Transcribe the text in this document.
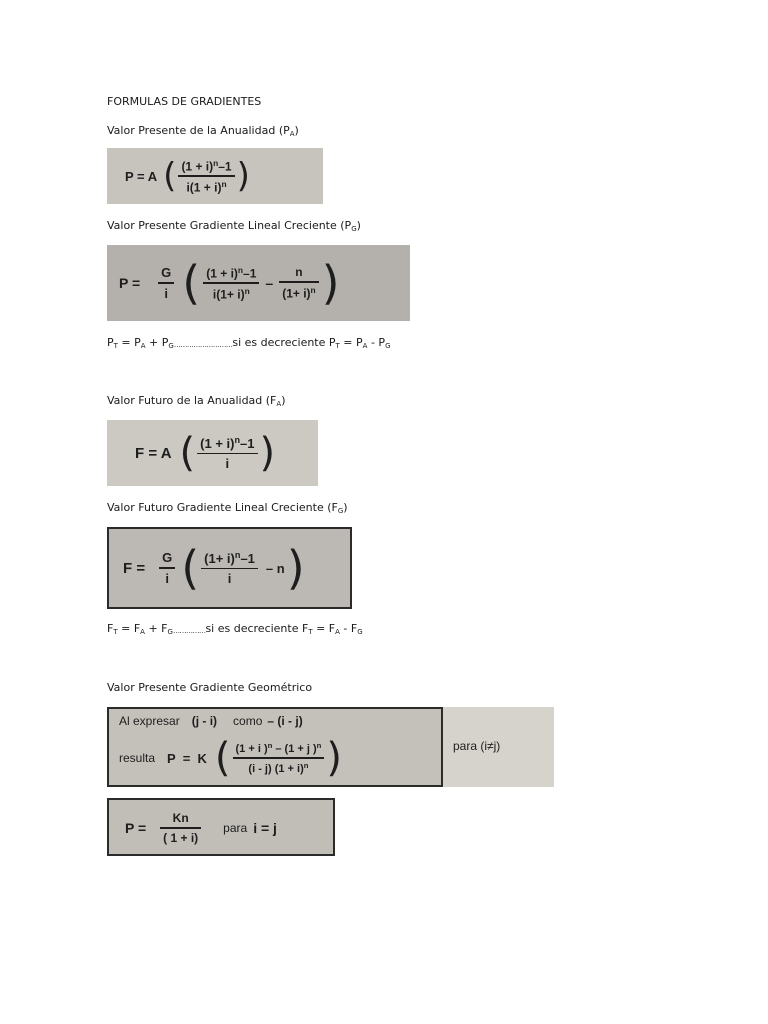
FORMULAS DE GRADIENTES
Valor Presente de la Anualidad $(P_A)$
P = A ( $\frac{(1 + i)^n-1}{i(1 + i)^n}$ )
Valor Presente Gradiente Lineal Creciente $(P_G)$
$P = \frac{G}{i}$ ( $\frac{(1 + i)^n-1}{i(1+ i)^n} - \frac{n}{(1+ i)^n}$ )
$P_T = P_A$ + $P_G\dots\dots\dots\dots\dots\dots\dots\dots\dots si$ es decreciente $P_T = P_A - P_G$
Valor Futuro de la Anualidad $(F_A)$
F = A ( $\frac{(1 + i)^n-1}{i}$ )
Valor Futuro Gradiente Lineal Creciente $(F_G)$
$F = \frac{G}{i}$ ( $\frac{(1+ i)^n-1}{i}$ – n )
$F_T = F_A$ + $F_G\dots\dots\dots\dots\dots si$ es decreciente $F_T = F_A - F_G$
Valor Presente Gradiente Geométrico
Al expresar (j - i) como – (i - j)
resulta P  =  K ( $\frac{(1 + i )^n - (1 + j )^n}{(i - j) (1 + i)^n}$ )	para (i≠j)
$P = \frac{Kn}{( 1 + i)}$ para i = j
